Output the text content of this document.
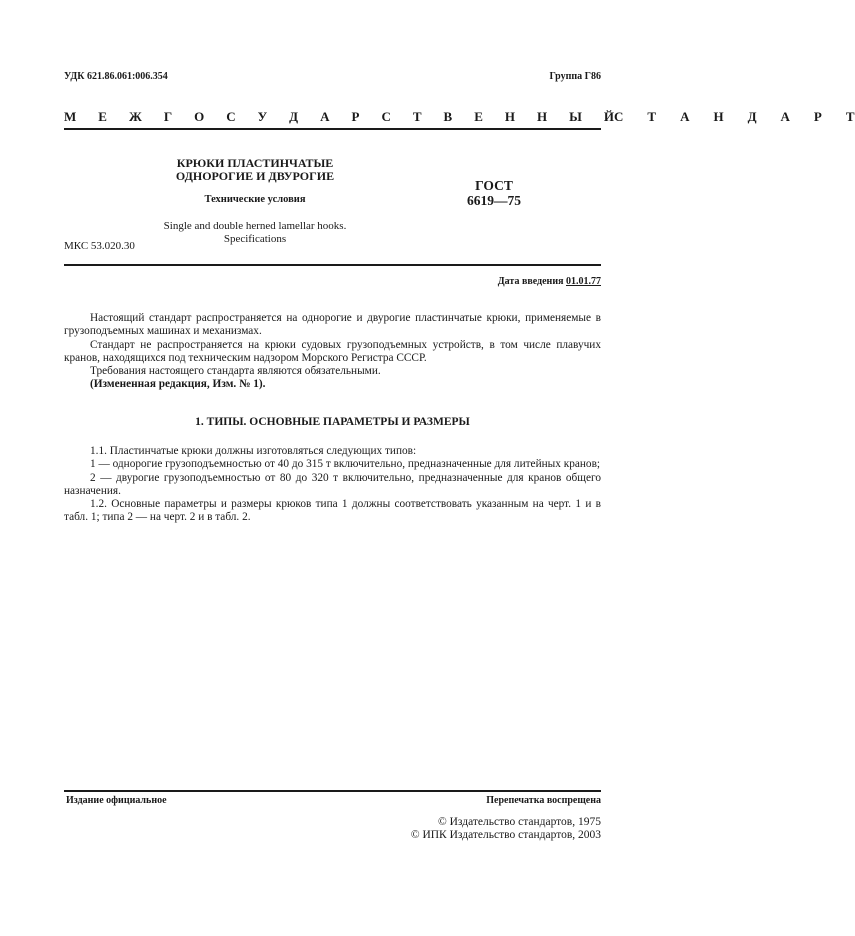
УДК 621.86.061:006.354	Группа Г86
М Е Ж Г О С У Д А Р С Т В Е Н Н Ы Й С Т А Н Д А Р Т
КРЮКИ ПЛАСТИНЧАТЫЕ
ОДНОРОГИЕ И ДВУРОГИЕ
Технические условия
Single and double herned lamellar hooks.
Specifications
МКС 53.020.30
ГОСТ
6619—75
Дата введения 01.01.77

Настоящий стандарт распространяется на однорогие и двурогие пластинчатые крюки, применяемые в грузоподъемных машинах и механизмах.

Стандарт не распространяется на крюки судовых грузоподъемных устройств, в том числе плавучих кранов, находящихся под техническим надзором Морского Регистра СССР.

Требования настоящего стандарта являются обязательными.

(Измененная редакция, Изм. № 1).

1. ТИПЫ. ОСНОВНЫЕ ПАРАМЕТРЫ И РАЗМЕРЫ

1.1. Пластинчатые крюки должны изготовляться следующих типов:

1 — однорогие грузоподъемностью от 40 до 315 т включительно, предназначенные для литейных кранов;

2 — двурогие грузоподъемностью от 80 до 320 т включительно, предназначенные для кранов общего назначения.

1.2. Основные параметры и размеры крюков типа 1 должны соответствовать указанным на черт. 1 и в табл. 1; типа 2 — на черт. 2 и в табл. 2.

Издание официальное	Перепечатка воспрещена
© Издательство стандартов, 1975
© ИПК Издательство стандартов, 2003
